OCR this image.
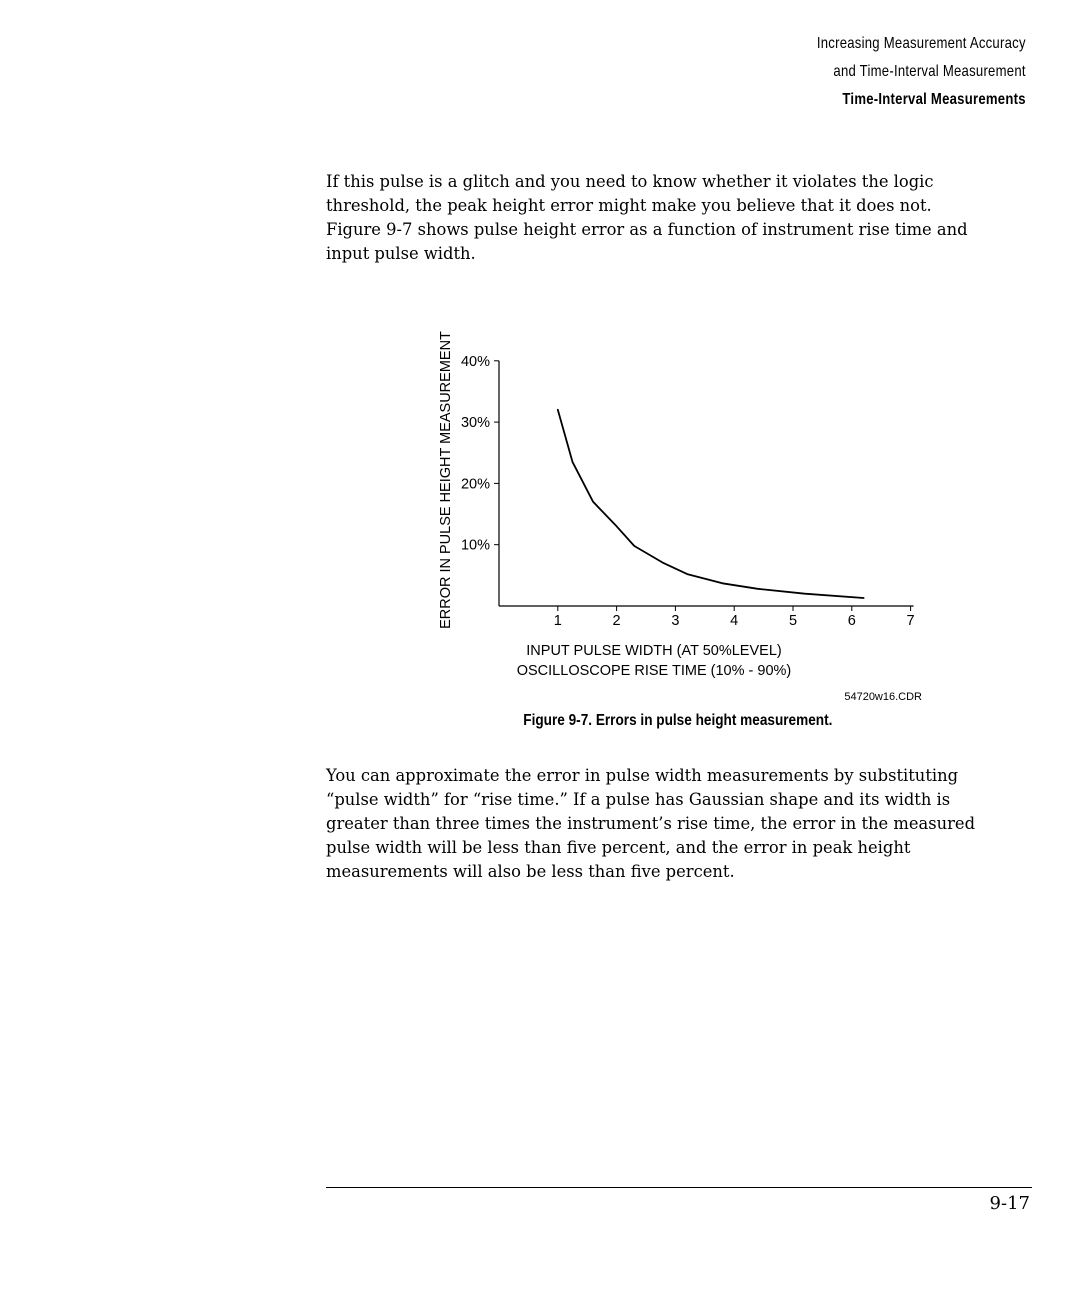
Increasing Measurement Accuracy
and Time-Interval Measurement
Time-Interval Measurements
If this pulse is a glitch and you need to know whether it violates the logic
threshold, the peak height error might make you believe that it does not.
Figure 9-7 shows pulse height error as a function of instrument rise time and
input pulse width.
1	2	3	4	5	6	7
10%
20%
30%
40%
ERROR IN PULSE HEIGHT MEASUREMENT
INPUT PULSE WIDTH (AT 50%LEVEL)
OSCILLOSCOPE RISE TIME (10% - 90%)
54720w16.CDR
Figure 9-7. Errors in pulse height measurement.
You can approximate the error in pulse width measurements by substituting
“pulse width” for “rise time.” If a pulse has Gaussian shape and its width is
greater than three times the instrument’s rise time, the error in the measured
pulse width will be less than five percent, and the error in peak height
measurements will also be less than five percent.
9-17
